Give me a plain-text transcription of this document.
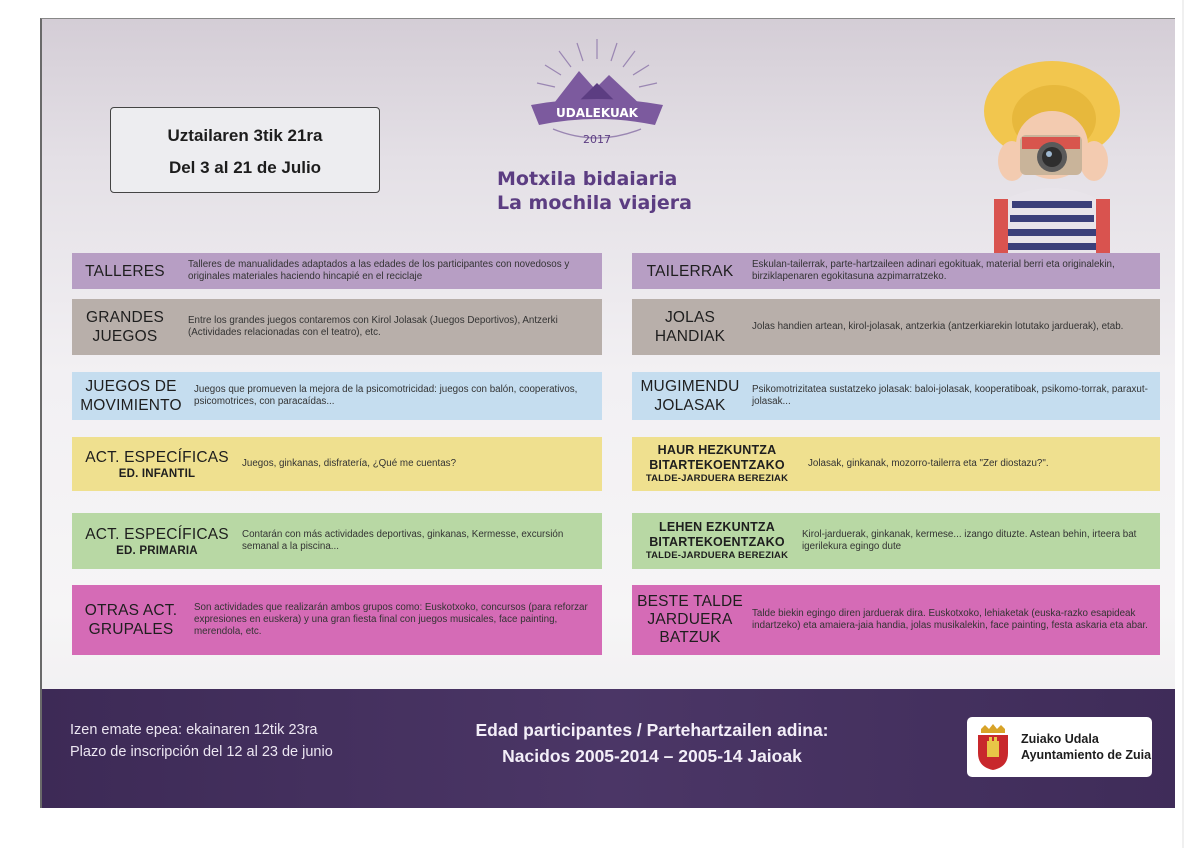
Uztailaren 3tik 21ra
Del 3 al 21 de Julio
UDALEKUAK
2017
Motxila bidaiaria
La mochila viajera
TALLERES	Talleres de manualidades adaptados a las edades de los participantes con novedosos y originales materiales haciendo hincapié en el reciclaje
GRANDES
JUEGOS
Entre los grandes juegos contaremos con Kirol Jolasak (Juegos Deportivos), Antzerki (Actividades relacionadas con el teatro), etc.
JUEGOS DE
MOVIMIENTO
Juegos que promueven la mejora de la psicomotricidad: juegos con balón, cooperativos, psicomotrices, con paracaídas...
ACT. ESPECÍFICAS
ED. INFANTIL
Juegos, ginkanas, disfratería, ¿Qué me cuentas?
ACT. ESPECÍFICAS
ED. PRIMARIA
Contarán con más actividades deportivas, ginkanas, Kermesse, excursión semanal a la piscina...
OTRAS ACT.
GRUPALES
Son actividades que realizarán ambos grupos como: Euskotxoko, concursos (para reforzar expresiones en euskera) y una gran fiesta final con juegos musicales, face painting, merendola, etc.
TAILERRAK	Eskulan-tailerrak, parte-hartzaileen adinari egokituak, material berri eta originalekin, birziklapenaren egokitasuna azpimarratzeko.
JOLAS
HANDIAK
Jolas handien artean, kirol-jolasak, antzerkia (antzerkiarekin lotutako jarduerak), etab.
MUGIMENDU
JOLASAK
Psikomotrizitatea sustatzeko jolasak: baloi-jolasak, kooperatiboak, psikomo-torrak, paraxut-jolasak...
HAUR HEZKUNTZA
BITARTEKOENTZAKO
TALDE-JARDUERA BEREZIAK
Jolasak, ginkanak, mozorro-tailerra eta "Zer diostazu?".
LEHEN EZKUNTZA
BITARTEKOENTZAKO
TALDE-JARDUERA BEREZIAK
Kirol-jarduerak, ginkanak, kermese... izango dituzte. Astean behin, irteera bat igerilekura egingo dute
BESTE TALDE
JARDUERA
BATZUK
Talde biekin egingo diren jarduerak dira. Euskotxoko, lehiaketak (euska-razko esapideak indartzeko) eta amaiera-jaia handia, jolas musikalekin, face painting, festa askaria eta abar.
Izen emate epea: ekainaren 12tik 23ra
Plazo de inscripción del 12 al 23 de junio
Edad participantes / Partehartzailen adina:
Nacidos 2005-2014 – 2005-14 Jaioak
Zuiako Udala
Ayuntamiento de Zuia
